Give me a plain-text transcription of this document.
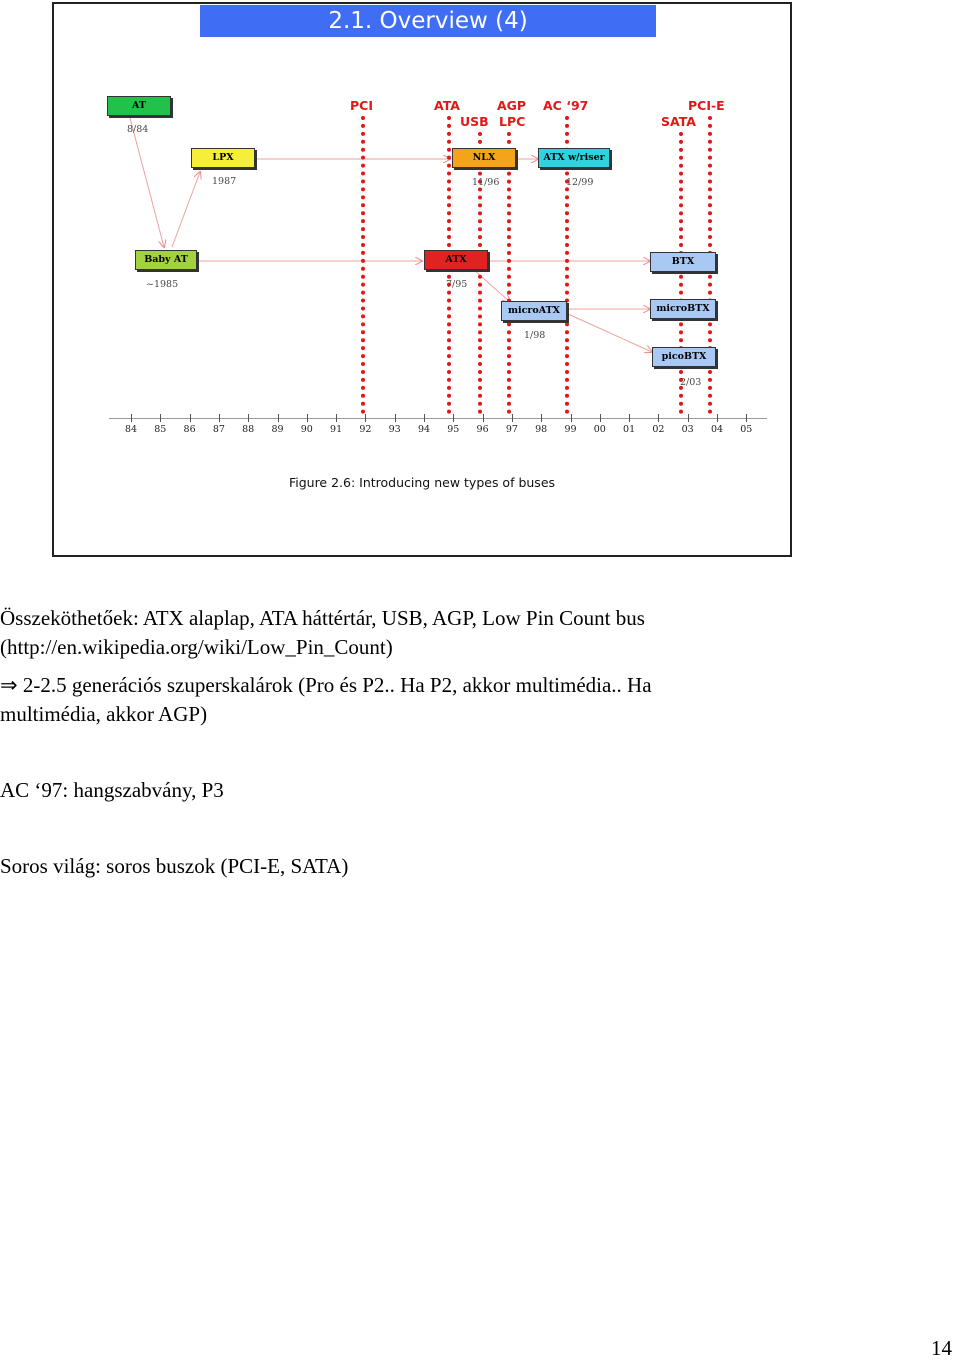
2.1. Overview (4)
PCI	ATA
USB
AGP
LPC
AC ‘97	PCI-E
SATA
AT
8/84
LPX
1987
Baby AT
~1985
NLX
11/96
ATX w/riser
12/99
ATX
7/95
microATX
1/98
BTX
microBTX
picoBTX
2/03
84 85 86 87 88 89 90 91 92 93 94 95 96 97 98 99 00 01 02 03 04 05
Figure 2.6: Introducing new types of buses
Összeköthetőek: ATX alaplap, ATA háttértár, USB, AGP, Low Pin Count bus
(http://en.wikipedia.org/wiki/Low_Pin_Count)
⇒ 2-2.5 generációs szuperskalárok (Pro és P2.. Ha P2, akkor multimédia.. Ha
multimédia, akkor AGP)
AC ‘97: hangszabvány, P3
Soros világ: soros buszok (PCI-E, SATA)
14
